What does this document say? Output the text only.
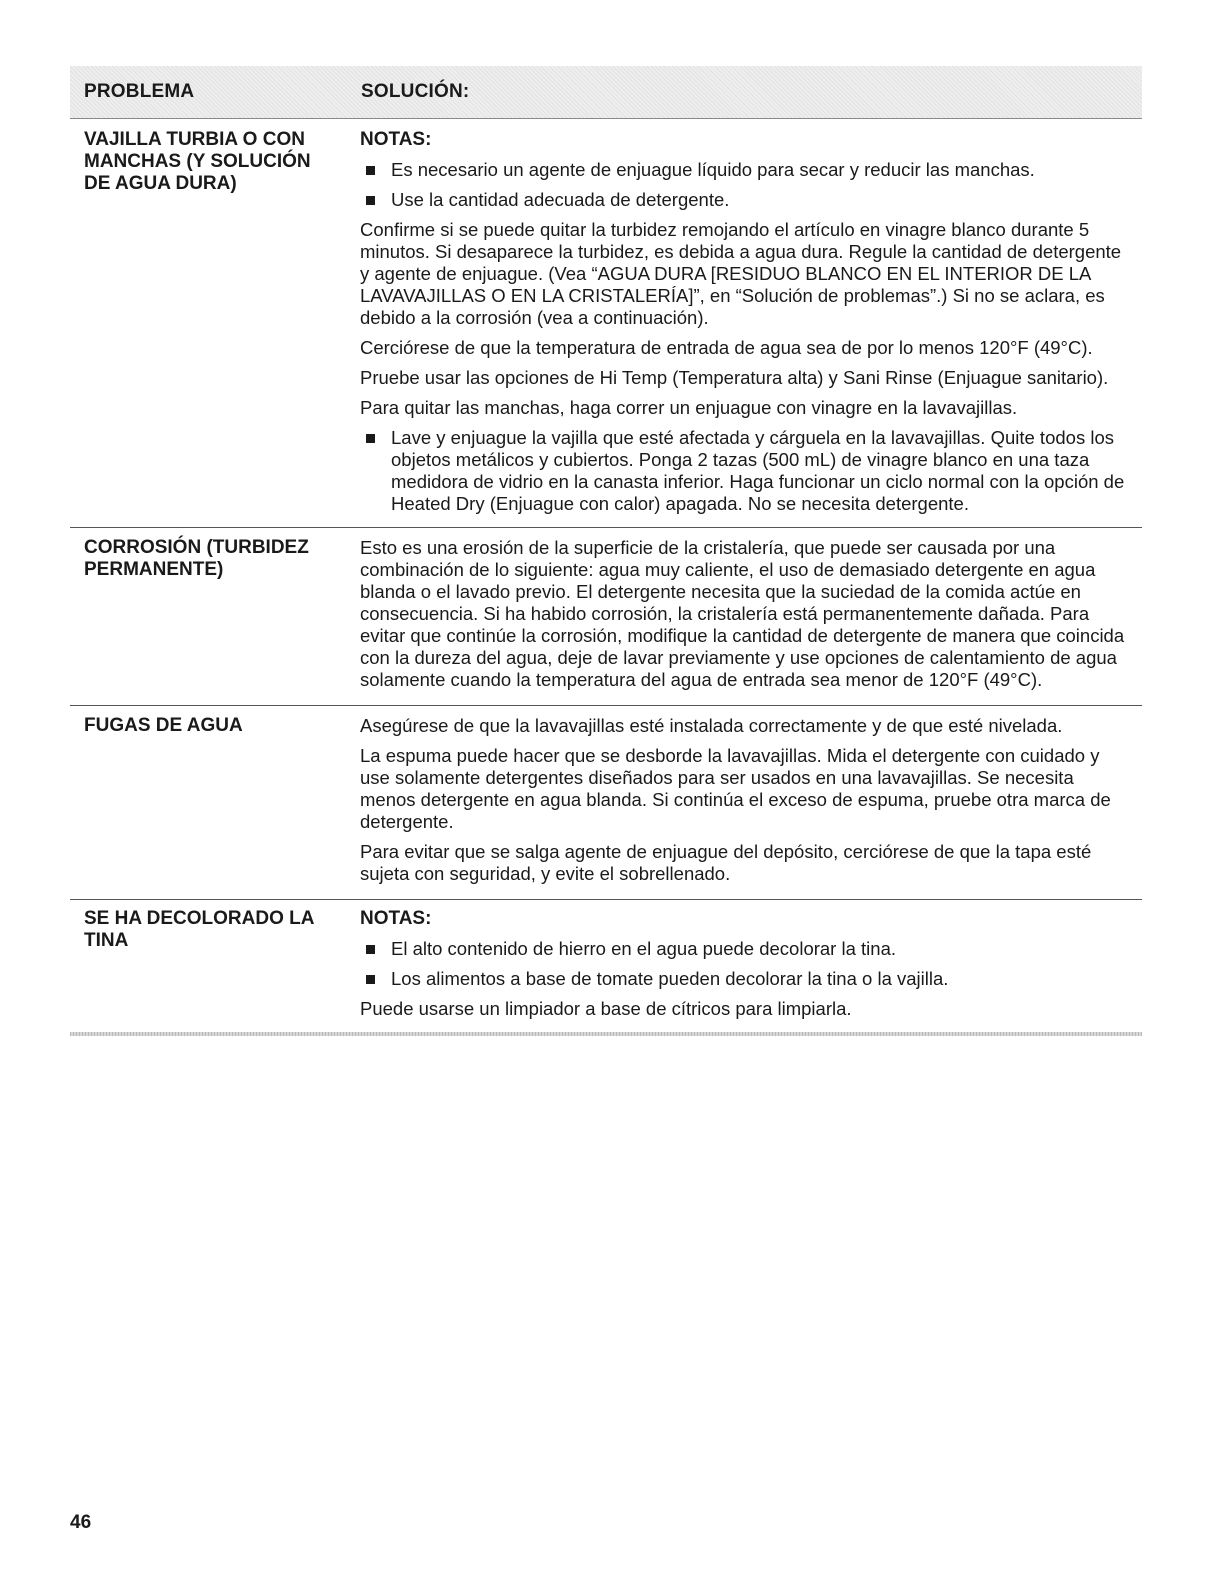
PROBLEMA	SOLUCIÓN:
VAJILLA TURBIA O CON MANCHAS (Y SOLUCIÓN DE AGUA DURA)
NOTAS:
Es necesario un agente de enjuague líquido para secar y reducir las manchas.
Use la cantidad adecuada de detergente.
Confirme si se puede quitar la turbidez remojando el artículo en vinagre blanco durante 5 minutos. Si desaparece la turbidez, es debida a agua dura. Regule la cantidad de detergente y agente de enjuague. (Vea “AGUA DURA [RESIDUO BLANCO EN EL INTERIOR DE LA LAVAVAJILLAS O EN LA CRISTALERÍA]”, en “Solución de problemas”.) Si no se aclara, es debido a la corrosión (vea a continuación).
Cerciórese de que la temperatura de entrada de agua sea de por lo menos 120°F (49°C).
Pruebe usar las opciones de Hi Temp (Temperatura alta) y Sani Rinse (Enjuague sanitario).
Para quitar las manchas, haga correr un enjuague con vinagre en la lavavajillas.
Lave y enjuague la vajilla que esté afectada y cárguela en la lavavajillas. Quite todos los objetos metálicos y cubiertos. Ponga 2 tazas (500 mL) de vinagre blanco en una taza medidora de vidrio en la canasta inferior. Haga funcionar un ciclo normal con la opción de Heated Dry (Enjuague con calor) apagada. No se necesita detergente.
CORROSIÓN (TURBIDEZ PERMANENTE)
Esto es una erosión de la superficie de la cristalería, que puede ser causada por una combinación de lo siguiente: agua muy caliente, el uso de demasiado detergente en agua blanda o el lavado previo. El detergente necesita que la suciedad de la comida actúe en consecuencia. Si ha habido corrosión, la cristalería está permanentemente dañada. Para evitar que continúe la corrosión, modifique la cantidad de detergente de manera que coincida con la dureza del agua, deje de lavar previamente y use opciones de calentamiento de agua solamente cuando la temperatura del agua de entrada sea menor de 120°F (49°C).
FUGAS DE AGUA	Asegúrese de que la lavavajillas esté instalada correctamente y de que esté nivelada.
La espuma puede hacer que se desborde la lavavajillas. Mida el detergente con cuidado y use solamente detergentes diseñados para ser usados en una lavavajillas. Se necesita menos detergente en agua blanda. Si continúa el exceso de espuma, pruebe otra marca de detergente.
Para evitar que se salga agente de enjuague del depósito, cerciórese de que la tapa esté sujeta con seguridad, y evite el sobrellenado.
SE HA DECOLORADO LA TINA
NOTAS:
El alto contenido de hierro en el agua puede decolorar la tina.
Los alimentos a base de tomate pueden decolorar la tina o la vajilla.
Puede usarse un limpiador a base de cítricos para limpiarla.
46
